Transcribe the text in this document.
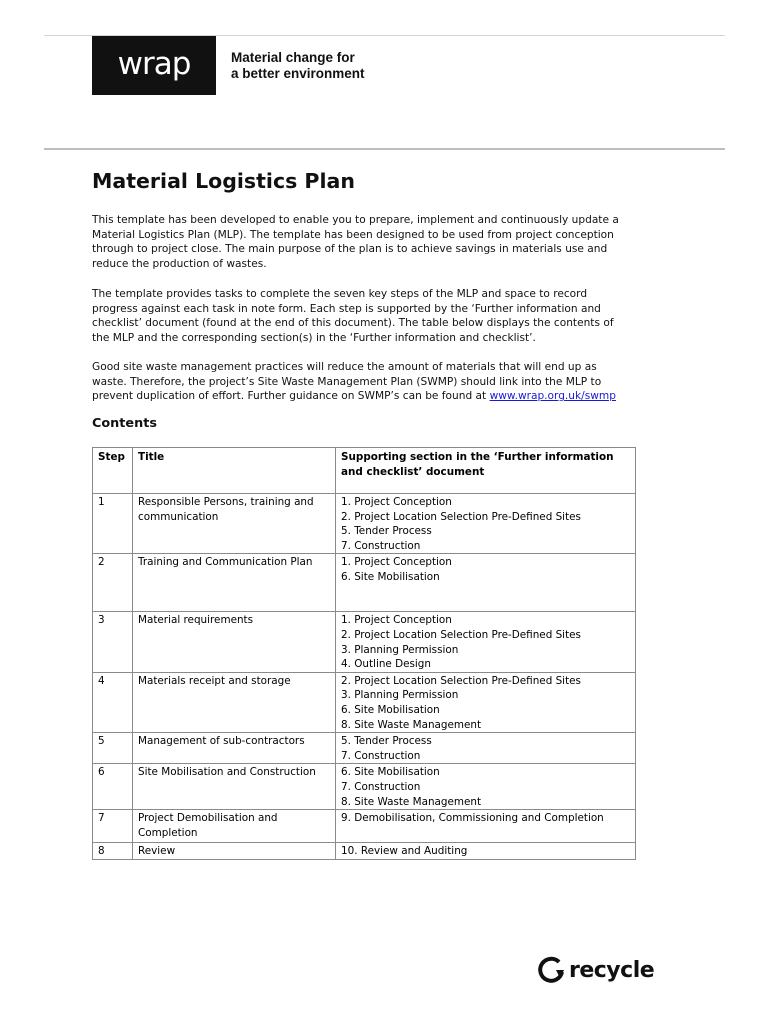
wrap	Material change for
a better environment
Material Logistics Plan

This template has been developed to enable you to prepare, implement and continuously update a Material Logistics Plan (MLP). The template has been designed to be used from project conception through to project close. The main purpose of the plan is to achieve savings in materials use and reduce the production of wastes.

The template provides tasks to complete the seven key steps of the MLP and space to record progress against each task in note form. Each step is supported by the ‘Further information and checklist’ document (found at the end of this document). The table below displays the contents of the MLP and the corresponding section(s) in the ‘Further information and checklist’.

Good site waste management practices will reduce the amount of materials that will end up as waste. Therefore, the project’s Site Waste Management Plan (SWMP) should link into the MLP to prevent duplication of effort. Further guidance on SWMP’s can be found at www.wrap.org.uk/swmp

Contents
Step	Title	Supporting section in the ‘Further information
and checklist’ document

1	Responsible Persons, training and communication	1. Project Conception
2. Project Location Selection Pre-Defined Sites
5. Tender Process
7. Construction

2	Training and Communication Plan	1. Project Conception
6. Site Mobilisation

3	Material requirements	1. Project Conception
2. Project Location Selection Pre-Defined Sites
3. Planning Permission
4. Outline Design

4	Materials receipt and storage	2. Project Location Selection Pre-Defined Sites
3. Planning Permission
6. Site Mobilisation
8. Site Waste Management

5	Management of sub-contractors	5. Tender Process
7. Construction

6	Site Mobilisation and Construction	6. Site Mobilisation
7. Construction
8. Site Waste Management

7	Project Demobilisation and Completion	9. Demobilisation, Commissioning and Completion

8	Review	10. Review and Auditing
recycle
